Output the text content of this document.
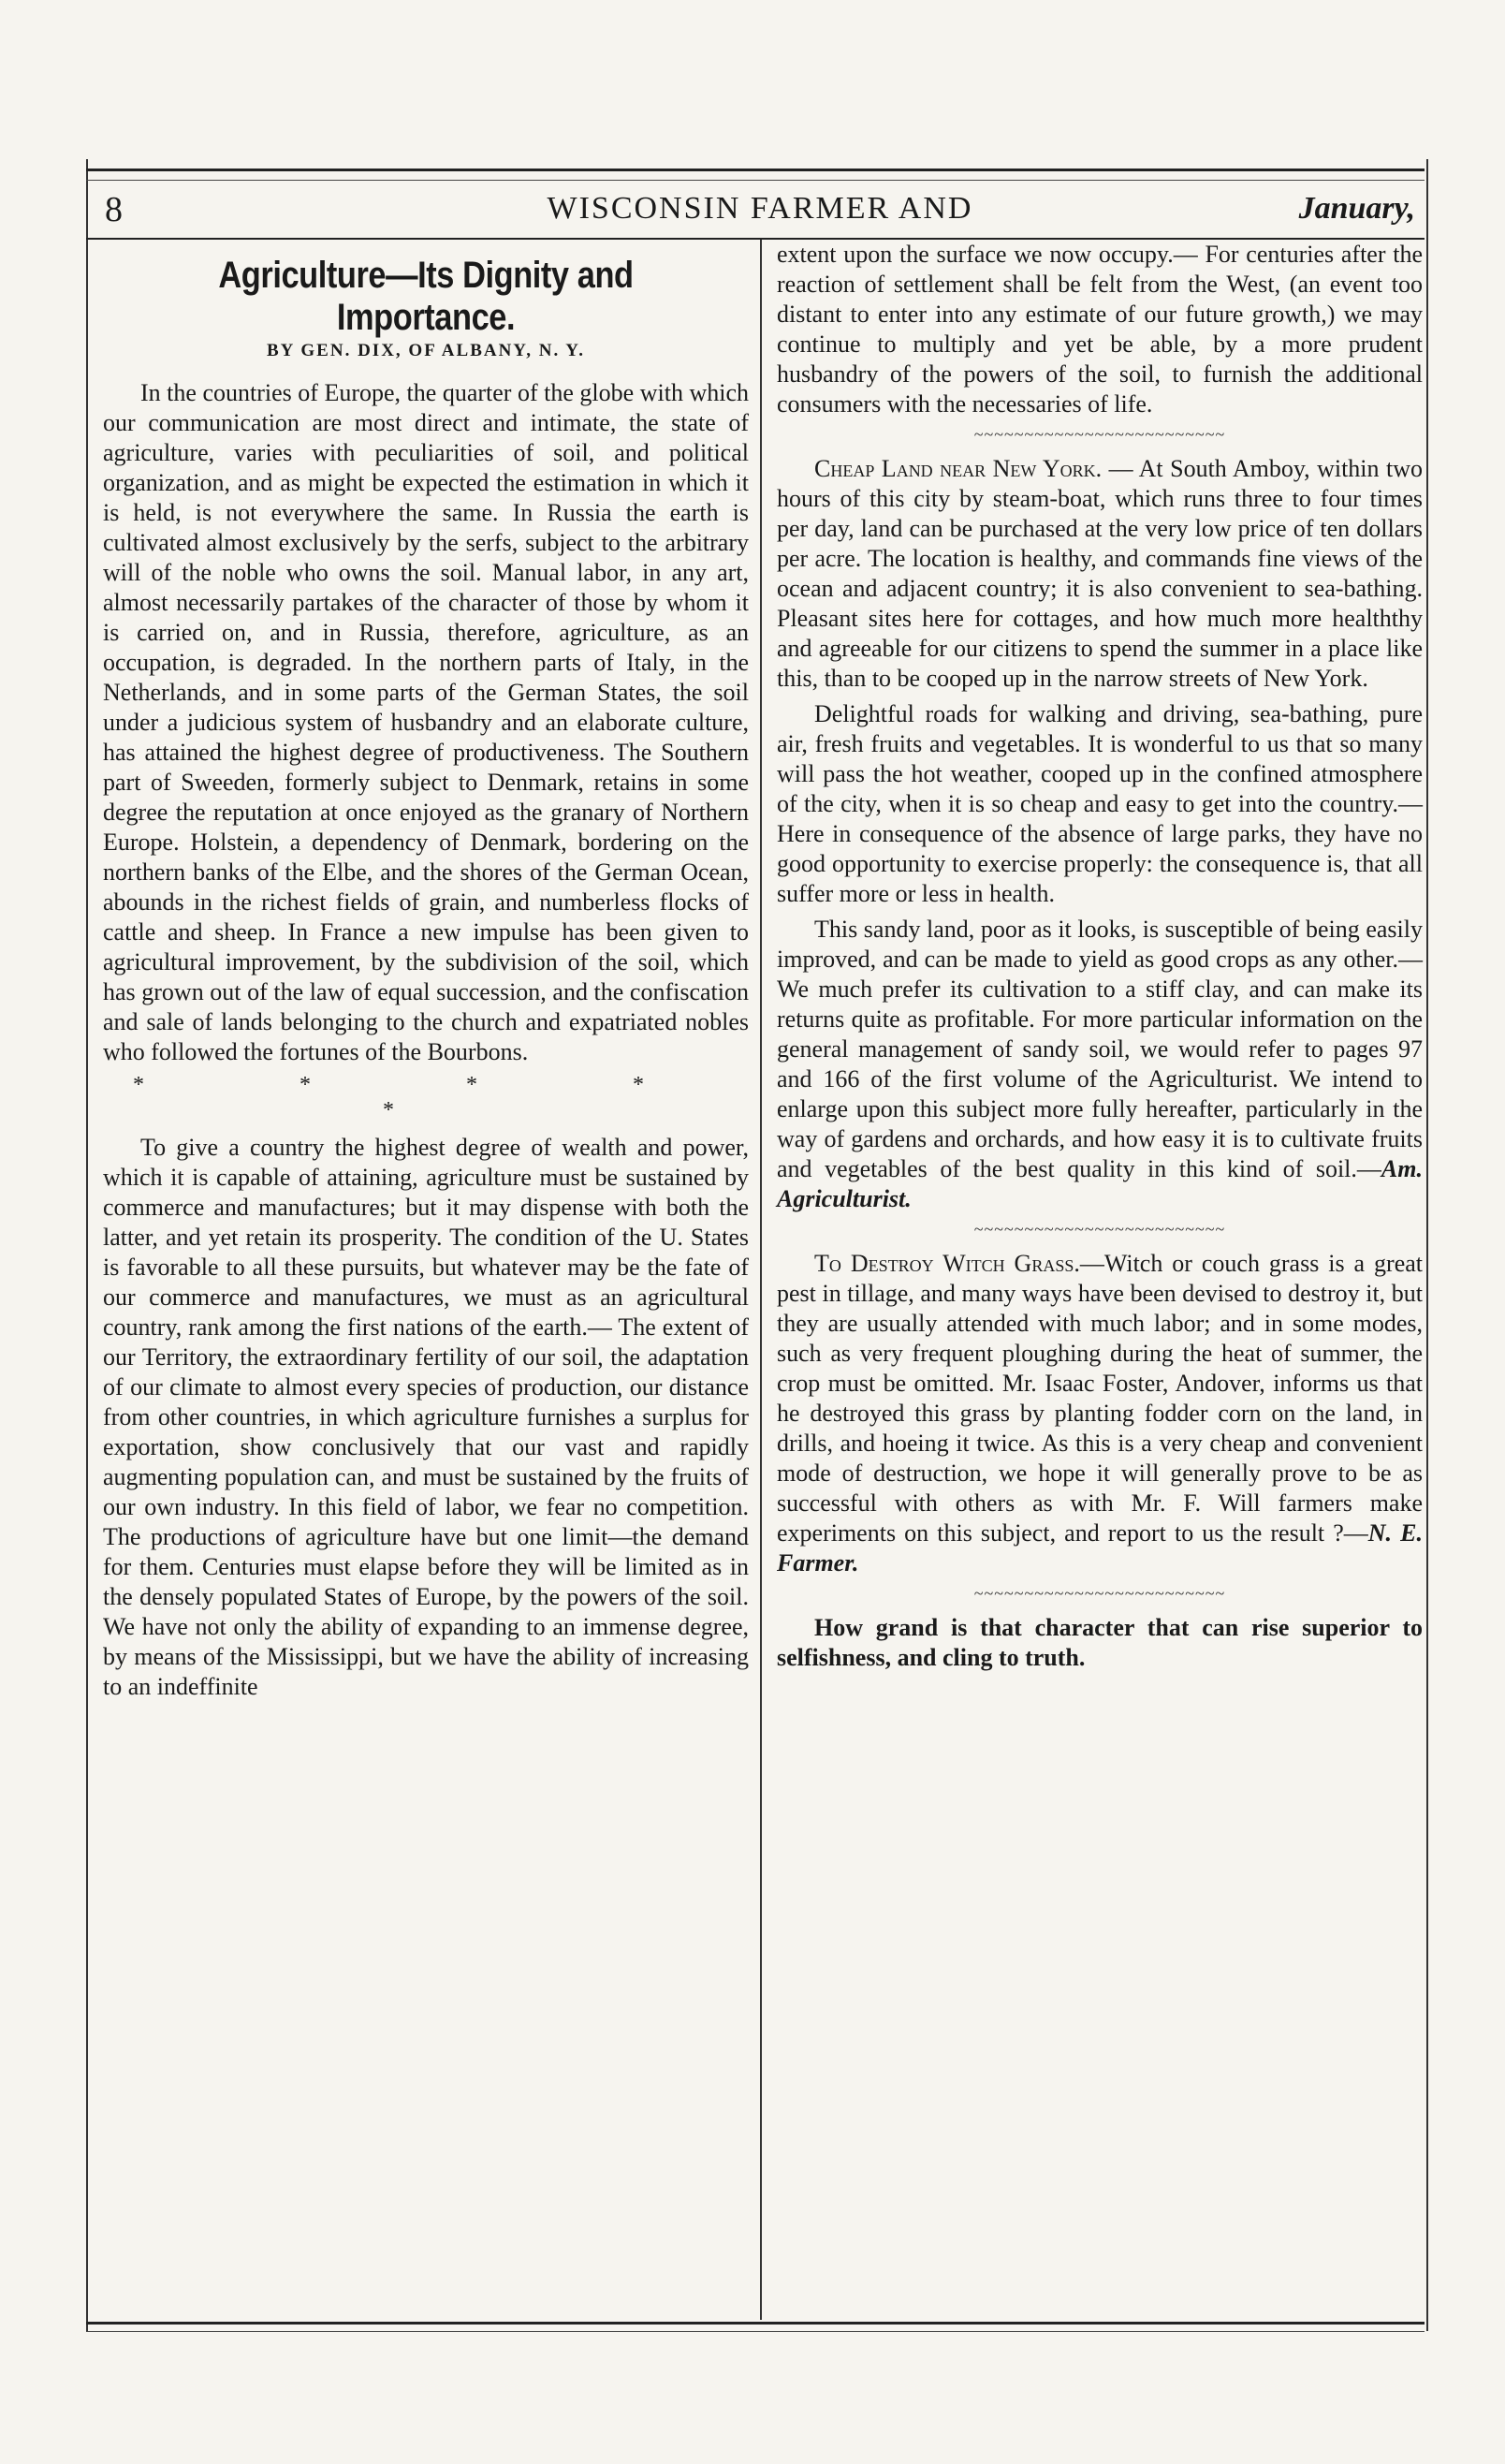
8	WISCONSIN FARMER AND	January,
Agriculture—Its Dignity and Importance.
BY GEN. DIX, OF ALBANY, N. Y.

In the countries of Europe, the quarter of the globe with which our communication are most direct and intimate, the state of agriculture, varies with peculiarities of soil, and political organization, and as might be expected the estimation in which it is held, is not everywhere the same. In Russia the earth is cultivated almost exclusively by the serfs, subject to the arbitrary will of the noble who owns the soil. Manual labor, in any art, almost necessarily partakes of the character of those by whom it is carried on, and in Russia, therefore, agriculture, as an occupation, is degraded. In the northern parts of Italy, in the Netherlands, and in some parts of the German States, the soil under a judicious system of husbandry and an elaborate culture, has attained the highest degree of productiveness. The Southern part of Sweeden, formerly subject to Denmark, retains in some degree the reputation at once enjoyed as the granary of Northern Europe. Holstein, a dependency of Denmark, bordering on the northern banks of the Elbe, and the shores of the German Ocean, abounds in the richest fields of grain, and numberless flocks of cattle and sheep. In France a new impulse has been given to agricultural improvement, by the subdivision of the soil, which has grown out of the law of equal succession, and the confiscation and sale of lands belonging to the church and expatriated nobles who followed the fortunes of the Bourbons.

* * * * *

To give a country the highest degree of wealth and power, which it is capable of attaining, agriculture must be sustained by commerce and manufactures; but it may dispense with both the latter, and yet retain its prosperity. The condition of the U. States is favorable to all these pursuits, but whatever may be the fate of our commerce and manufactures, we must as an agricultural country, rank among the first nations of the earth.— The extent of our Territory, the extraordinary fertility of our soil, the adaptation of our climate to almost every species of production, our distance from other countries, in which agriculture furnishes a surplus for exportation, show conclusively that our vast and rapidly augmenting population can, and must be sustained by the fruits of our own industry. In this field of labor, we fear no competition. The productions of agriculture have but one limit—the demand for them. Centuries must elapse before they will be limited as in the densely populated States of Europe, by the powers of the soil. We have not only the ability of expanding to an immense degree, by means of the Mississippi, but we have the ability of increasing to an indeffinite

extent upon the surface we now occupy.— For centuries after the reaction of settlement shall be felt from the West, (an event too distant to enter into any estimate of our future growth,) we may continue to multiply and yet be able, by a more prudent husbandry of the powers of the soil, to furnish the additional consumers with the necessaries of life.

~~~~~~~~~~~~~~~~~~~~~~~~~

Cheap Land near New York. — At South Amboy, within two hours of this city by steam-boat, which runs three to four times per day, land can be purchased at the very low price of ten dollars per acre. The location is healthy, and commands fine views of the ocean and adjacent country; it is also convenient to sea-bathing. Pleasant sites here for cottages, and how much more healththy and agreeable for our citizens to spend the summer in a place like this, than to be cooped up in the narrow streets of New York.

Delightful roads for walking and driving, sea-bathing, pure air, fresh fruits and vegetables. It is wonderful to us that so many will pass the hot weather, cooped up in the confined atmosphere of the city, when it is so cheap and easy to get into the country.— Here in consequence of the absence of large parks, they have no good opportunity to exercise properly: the consequence is, that all suffer more or less in health.

This sandy land, poor as it looks, is susceptible of being easily improved, and can be made to yield as good crops as any other.— We much prefer its cultivation to a stiff clay, and can make its returns quite as profitable. For more particular information on the general management of sandy soil, we would refer to pages 97 and 166 of the first volume of the Agriculturist. We intend to enlarge upon this subject more fully hereafter, particularly in the way of gardens and orchards, and how easy it is to cultivate fruits and vegetables of the best quality in this kind of soil.—Am. Agriculturist.

~~~~~~~~~~~~~~~~~~~~~~~~~

To Destroy Witch Grass.—Witch or couch grass is a great pest in tillage, and many ways have been devised to destroy it, but they are usually attended with much labor; and in some modes, such as very frequent ploughing during the heat of summer, the crop must be omitted. Mr. Isaac Foster, Andover, informs us that he destroyed this grass by planting fodder corn on the land, in drills, and hoeing it twice. As this is a very cheap and convenient mode of destruction, we hope it will generally prove to be as successful with others as with Mr. F. Will farmers make experiments on this subject, and report to us the result ?—N. E. Farmer.

~~~~~~~~~~~~~~~~~~~~~~~~~

How grand is that character that can rise superior to selfishness, and cling to truth.
